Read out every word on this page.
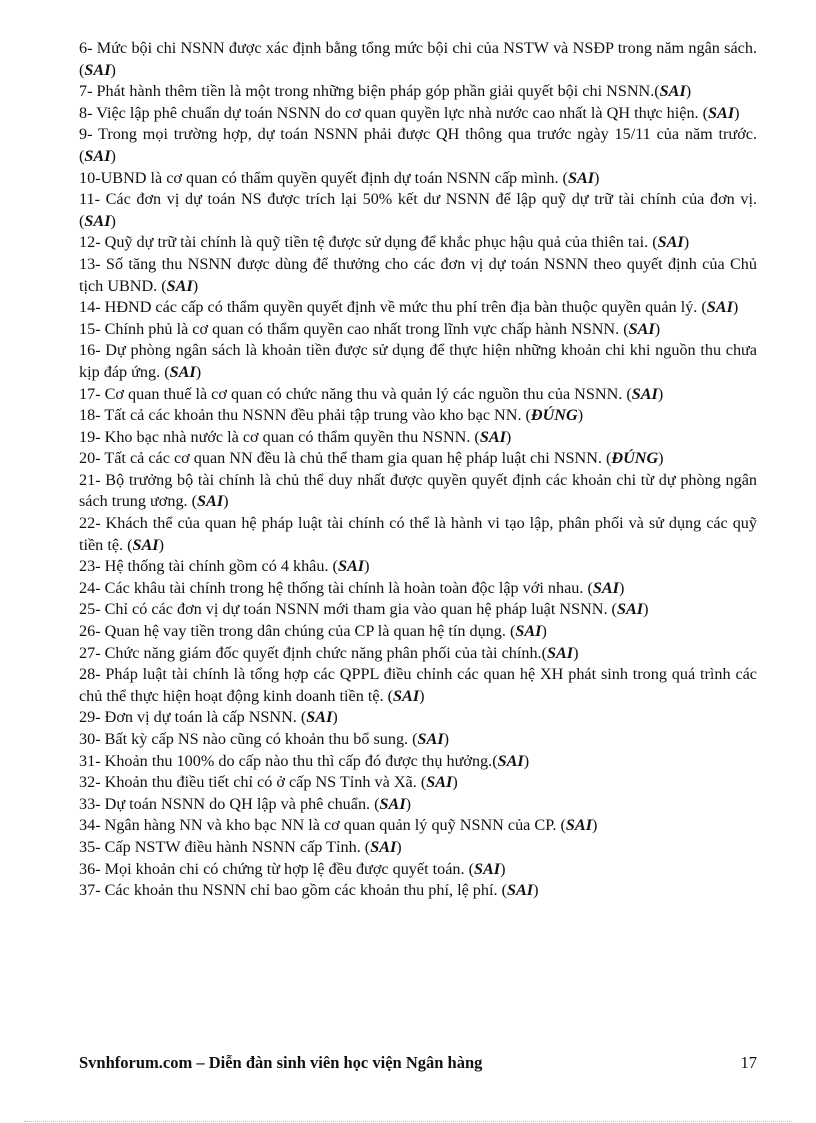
6- Mức bội chi NSNN được xác định bằng tổng mức bội chi của NSTW và NSĐP trong năm ngân sách. (SAI)

7- Phát hành thêm tiền là một trong những biện pháp góp phần giải quyết bội chi NSNN.(SAI)

8- Việc lập phê chuẩn dự toán NSNN do cơ quan quyền lực nhà nước cao nhất là QH thực hiện. (SAI)

9- Trong mọi trường hợp, dự toán NSNN phải được QH thông qua trước ngày 15/11 của năm trước. (SAI)

10-UBND là cơ quan có thẩm quyền quyết định dự toán NSNN cấp mình. (SAI)

11- Các đơn vị dự toán NS được trích lại 50% kết dư NSNN để lập quỹ dự trữ tài chính của đơn vị. (SAI)

12- Quỹ dự trữ tài chính là quỹ tiền tệ được sử dụng để khắc phục hậu quả của thiên tai. (SAI)

13- Số tăng thu NSNN được dùng để thưởng cho các đơn vị dự toán NSNN theo quyết định của Chủ tịch UBND. (SAI)

14- HĐND các cấp có thẩm quyền quyết định về mức thu phí trên địa bàn thuộc quyền quản lý. (SAI)

15- Chính phủ là cơ quan có thẩm quyền cao nhất trong lĩnh vực chấp hành NSNN. (SAI)

16- Dự phòng ngân sách là khoản tiền được sử dụng để thực hiện những khoản chi khi nguồn thu chưa kịp đáp ứng. (SAI)

17- Cơ quan thuế là cơ quan có chức năng thu và quản lý các nguồn thu của NSNN. (SAI)

18- Tất cả các khoản thu NSNN đều phải tập trung vào kho bạc NN. (ĐÚNG)

19- Kho bạc nhà nước là cơ quan có thẩm quyền thu NSNN. (SAI)

20- Tất cả các cơ quan NN đều là chủ thể tham gia quan hệ pháp luật chi NSNN. (ĐÚNG)

21- Bộ trưởng bộ tài chính là chủ thể duy nhất được quyền quyết định các khoản chi từ dự phòng ngân sách trung ương. (SAI)

22- Khách thể của quan hệ pháp luật tài chính có thể là hành vi tạo lập, phân phối và sử dụng các quỹ tiền tệ. (SAI)

23- Hệ thống tài chính gồm có 4 khâu. (SAI)

24- Các khâu tài chính trong hệ thống tài chính là hoàn toàn độc lập với nhau. (SAI)

25- Chỉ có các đơn vị dự toán NSNN mới tham gia vào quan hệ pháp luật NSNN. (SAI)

26- Quan hệ vay tiền trong dân chúng của CP là quan hệ tín dụng. (SAI)

27- Chức năng giám đốc quyết định chức năng phân phối của tài chính.(SAI)

28- Pháp luật tài chính là tổng hợp các QPPL điều chỉnh các quan hệ XH phát sinh trong quá trình các chủ thể thực hiện hoạt động kinh doanh tiền tệ. (SAI)

29- Đơn vị dự toán là cấp NSNN. (SAI)

30- Bất kỳ cấp NS nào cũng có khoản thu bổ sung. (SAI)

31- Khoản thu 100% do cấp nào thu thì cấp đó được thụ hưởng.(SAI)

32- Khoản thu điều tiết chỉ có ở cấp NS Tỉnh và Xã. (SAI)

33- Dự toán NSNN do QH lập và phê chuẩn. (SAI)

34- Ngân hàng NN và kho bạc NN là cơ quan quản lý quỹ NSNN của CP. (SAI)

35- Cấp NSTW điều hành NSNN cấp Tỉnh. (SAI)

36- Mọi khoản chi có chứng từ hợp lệ đều được quyết toán. (SAI)

37- Các khoản thu NSNN chỉ bao gồm các khoản thu phí, lệ phí. (SAI)

Svnhforum.com – Diễn đàn sinh viên học viện Ngân hàng	17
